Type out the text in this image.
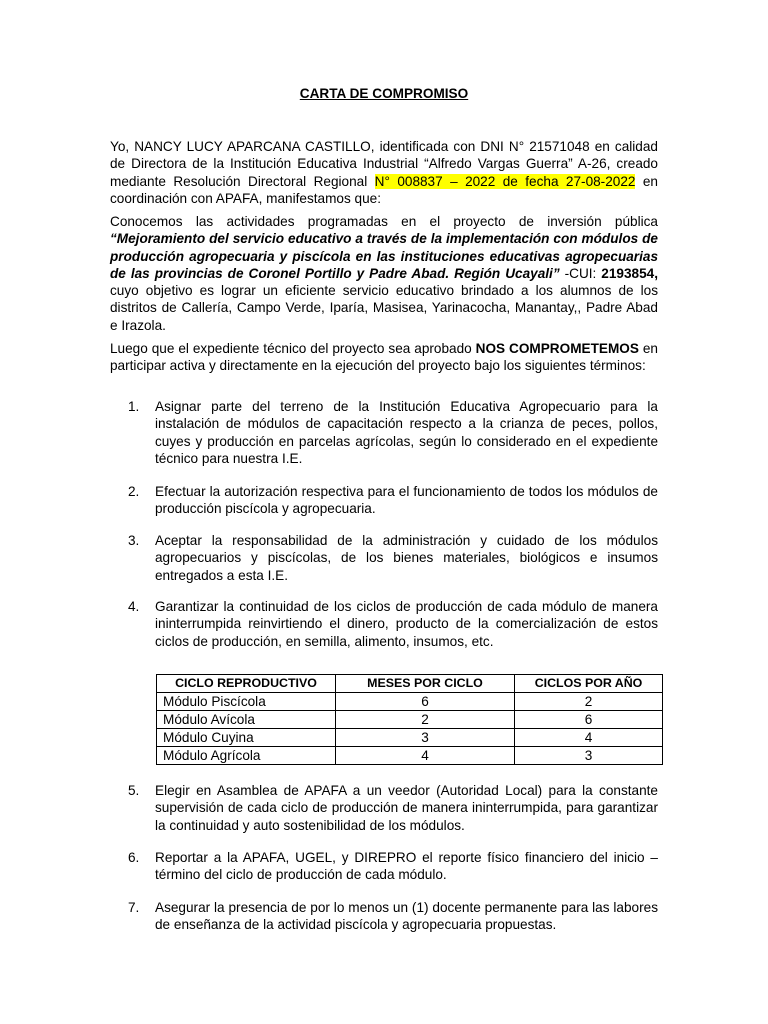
CARTA DE COMPROMISO

Yo, NANCY LUCY APARCANA CASTILLO, identificada con DNI N° 21571048 en calidad de Directora de la Institución Educativa Industrial “Alfredo Vargas Guerra” A-26, creado mediante Resolución Directoral Regional N° 008837 – 2022 de fecha 27-08-2022 en coordinación con APAFA, manifestamos que:

Conocemos las actividades programadas en el proyecto de inversión pública “Mejoramiento del servicio educativo a través de la implementación con módulos de producción agropecuaria y piscícola en las instituciones educativas agropecuarias de las provincias de Coronel Portillo y Padre Abad. Región Ucayali” -CUI: 2193854, cuyo objetivo es lograr un eficiente servicio educativo brindado a los alumnos de los distritos de Callería, Campo Verde, Iparía, Masisea, Yarinacocha, Manantay,, Padre Abad e Irazola.

Luego que el expediente técnico del proyecto sea aprobado NOS COMPROMETEMOS en participar activa y directamente en la ejecución del proyecto bajo los siguientes términos:

1.	Asignar parte del terreno de la Institución Educativa Agropecuario para la instalación de módulos de capacitación respecto a la crianza de peces, pollos, cuyes y producción en parcelas agrícolas, según lo considerado en el expediente técnico para nuestra I.E.
2.	Efectuar la autorización respectiva para el funcionamiento de todos los módulos de producción piscícola y agropecuaria.
3.	Aceptar la responsabilidad de la administración y cuidado de los módulos agropecuarios y piscícolas, de los bienes materiales, biológicos e insumos entregados a esta I.E.
4.	Garantizar la continuidad de los ciclos de producción de cada módulo de manera ininterrumpida reinvirtiendo el dinero, producto de la comercialización de estos ciclos de producción, en semilla, alimento, insumos, etc.
CICLO REPRODUCTIVO	MESES POR CICLO	CICLOS POR AÑO
Módulo Piscícola	6	2
Módulo Avícola	2	6
Módulo Cuyina	3	4
Módulo Agrícola	4	3
5.	Elegir en Asamblea de APAFA a un veedor (Autoridad Local) para la constante supervisión de cada ciclo de producción de manera ininterrumpida, para garantizar la continuidad y auto sostenibilidad de los módulos.
6.	Reportar a la APAFA, UGEL, y DIREPRO el reporte físico financiero del inicio – término del ciclo de producción de cada módulo.
7.	Asegurar la presencia de por lo menos un (1) docente permanente para las labores de enseñanza de la actividad piscícola y agropecuaria propuestas.
